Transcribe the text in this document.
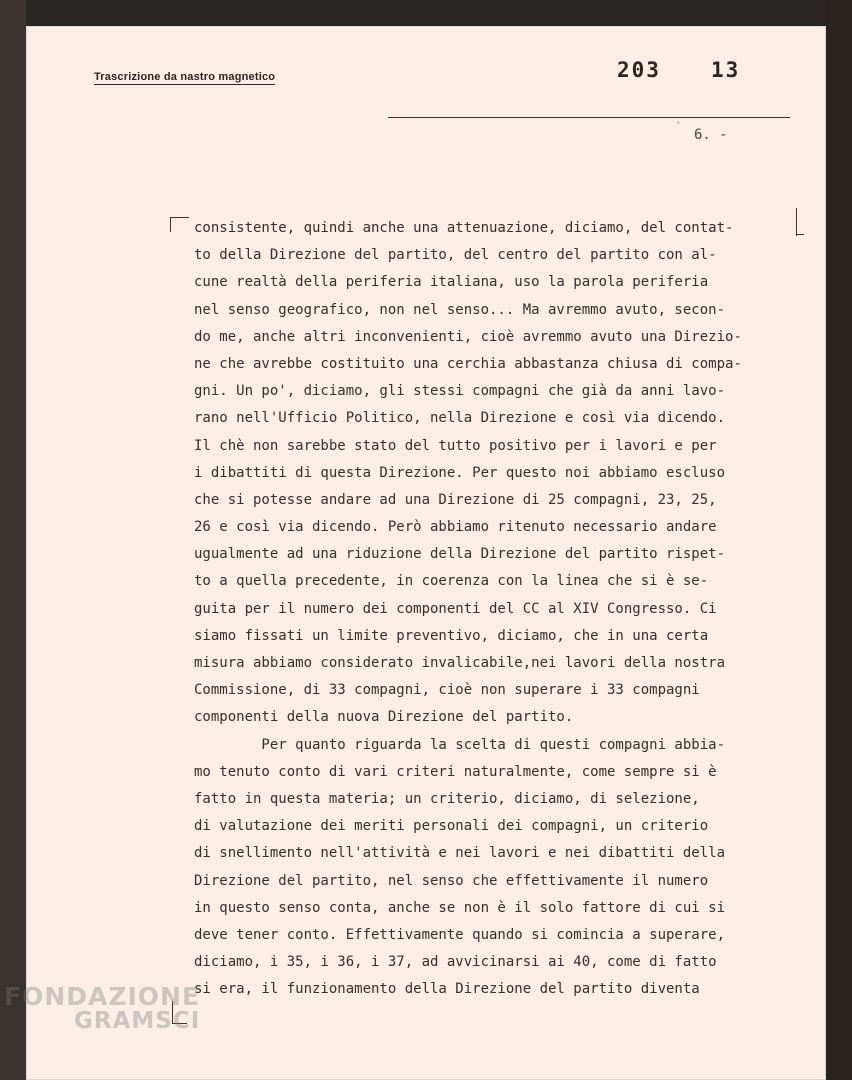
Trascrizione da nastro magnetico	203 13
` 6. -
consistente, quindi anche una attenuazione, diciamo, del contat-
to della Direzione del partito, del centro del partito con al-
cune realtà della periferia italiana, uso la parola periferia
nel senso geografico, non nel senso... Ma avremmo avuto, secon-
do me, anche altri inconvenienti, cioè avremmo avuto una Direzio-
ne che avrebbe costituito una cerchia abbastanza chiusa di compa-
gni. Un po', diciamo, gli stessi compagni che già da anni lavo-
rano nell'Ufficio Politico, nella Direzione e così via dicendo.
Il chè non sarebbe stato del tutto positivo per i lavori e per
i dibattiti di questa Direzione. Per questo noi abbiamo escluso
che si potesse andare ad una Direzione di 25 compagni, 23, 25,
26 e così via dicendo. Però abbiamo ritenuto necessario andare
ugualmente ad una riduzione della Direzione del partito rispet-
to a quella precedente, in coerenza con la linea che si è se-
guita per il numero dei componenti del CC al XIV Congresso. Ci
siamo fissati un limite preventivo, diciamo, che in una certa
misura abbiamo considerato invalicabile,nei lavori della nostra
Commissione, di 33 compagni, cioè non superare i 33 compagni
componenti della nuova Direzione del partito.
Per quanto riguarda la scelta di questi compagni abbia-
mo tenuto conto di vari criteri naturalmente, come sempre si è
fatto in questa materia; un criterio, diciamo, di selezione,
di valutazione dei meriti personali dei compagni, un criterio
di snellimento nell'attività e nei lavori e nei dibattiti della
Direzione del partito, nel senso che effettivamente il numero
in questo senso conta, anche se non è il solo fattore di cui si
deve tener conto. Effettivamente quando si comincia a superare,
diciamo, i 35, i 36, i 37, ad avvicinarsi ai 40, come di fatto
si era, il funzionamento della Direzione del partito diventa
FONDAZIONE
GRAMSCI
